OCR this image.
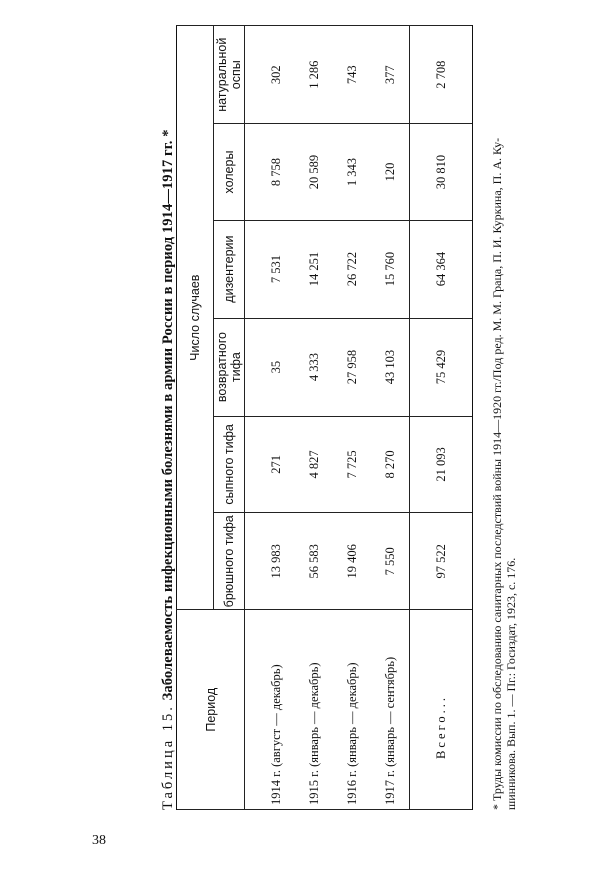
38
Таблица 15. Заболеваемость инфекционными болезнями в армии России в период 1914—1917 гг. *
Период	Число случаев					
	брюшного тифа	сыпного тифа	возвратного тифа	дизентерии	холеры	натуральной оспы

1914 г. (август — декабрь)	13 983	271	35	7 531	8 758	302
1915 г. (январь — декабрь)	56 583	4 827	4 333	14 251	20 589	1 286
1916 г. (январь — декабрь)	19 406	7 725	27 958	26 722	1 343	743
1917 г. (январь — сентябрь)	7 550	8 270	43 103	15 760	120	377
Всего...	97 522	21 093	75 429	64 364	30 810	2 708
* Труды комиссии по обследованию санитарных последствий войны 1914—1920 гг./Под ред. М. М. Граца, П. И. Куркина, П. А. Ку- шинникова. Вып. 1. — Пг.: Госиздат, 1923, с. 176.
